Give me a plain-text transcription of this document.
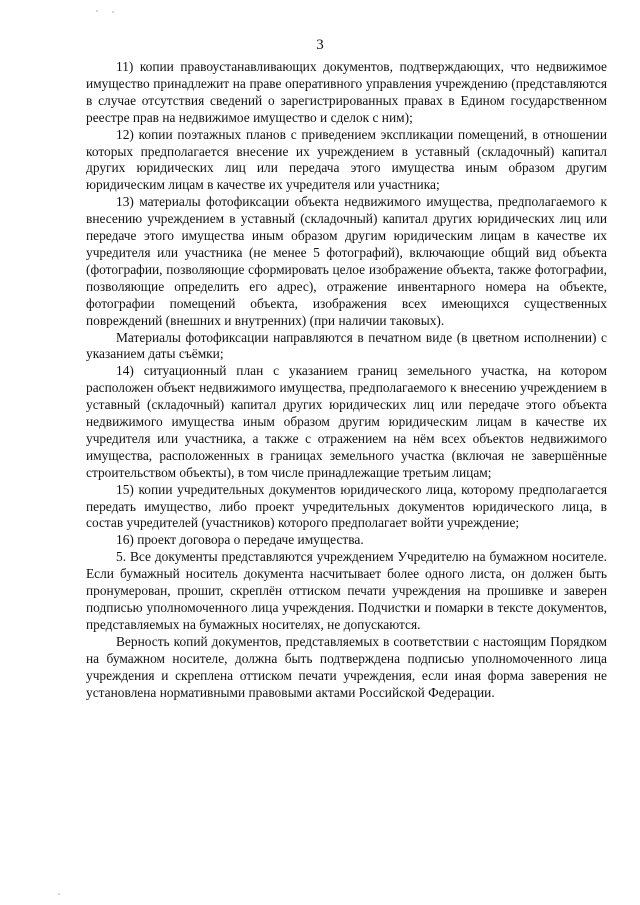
3

11) копии правоустанавливающих документов, подтверждающих, что недвижимое имущество принадлежит на праве оперативного управления учреждению (представляются в случае отсутствия сведений о зарегистрированных правах в Едином государственном реестре прав на недвижимое имущество и сделок с ним);

12) копии поэтажных планов с приведением экспликации помещений, в отношении которых предполагается внесение их учреждением в уставный (складочный) капитал других юридических лиц или передача этого имущества иным образом другим юридическим лицам в качестве их учредителя или участника;

13) материалы фотофиксации объекта недвижимого имущества, предполагаемого к внесению учреждением в уставный (складочный) капитал других юридических лиц или передаче этого имущества иным образом другим юридическим лицам в качестве их учредителя или участника (не менее 5 фотографий), включающие общий вид объекта (фотографии, позволяющие сформировать целое изображение объекта, также фотографии, позволяющие определить его адрес), отражение инвентарного номера на объекте, фотографии помещений объекта, изображения всех имеющихся существенных повреждений (внешних и внутренних) (при наличии таковых).

Материалы фотофиксации направляются в печатном виде (в цветном исполнении) с указанием даты съёмки;

14) ситуационный план с указанием границ земельного участка, на котором расположен объект недвижимого имущества, предполагаемого к внесению учреждением в уставный (складочный) капитал других юридических лиц или передаче этого объекта недвижимого имущества иным образом другим юридическим лицам в качестве их учредителя или участника, а также с отражением на нём всех объектов недвижимого имущества, расположенных в границах земельного участка (включая не завершённые строительством объекты), в том числе принадлежащие третьим лицам;

15) копии учредительных документов юридического лица, которому предполагается передать имущество, либо проект учредительных документов юридического лица, в состав учредителей (участников) которого предполагает войти учреждение;

16) проект договора о передаче имущества.

5. Все документы представляются учреждением Учредителю на бумажном носителе. Если бумажный носитель документа насчитывает более одного листа, он должен быть пронумерован, прошит, скреплён оттиском печати учреждения на прошивке и заверен подписью уполномоченного лица учреждения. Подчистки и помарки в тексте документов, представляемых на бумажных носителях, не допускаются.

Верность копий документов, представляемых в соответствии с настоящим Порядком на бумажном носителе, должна быть подтверждена подписью уполномоченного лица учреждения и скреплена оттиском печати учреждения, если иная форма заверения не установлена нормативными правовыми актами Российской Федерации.
